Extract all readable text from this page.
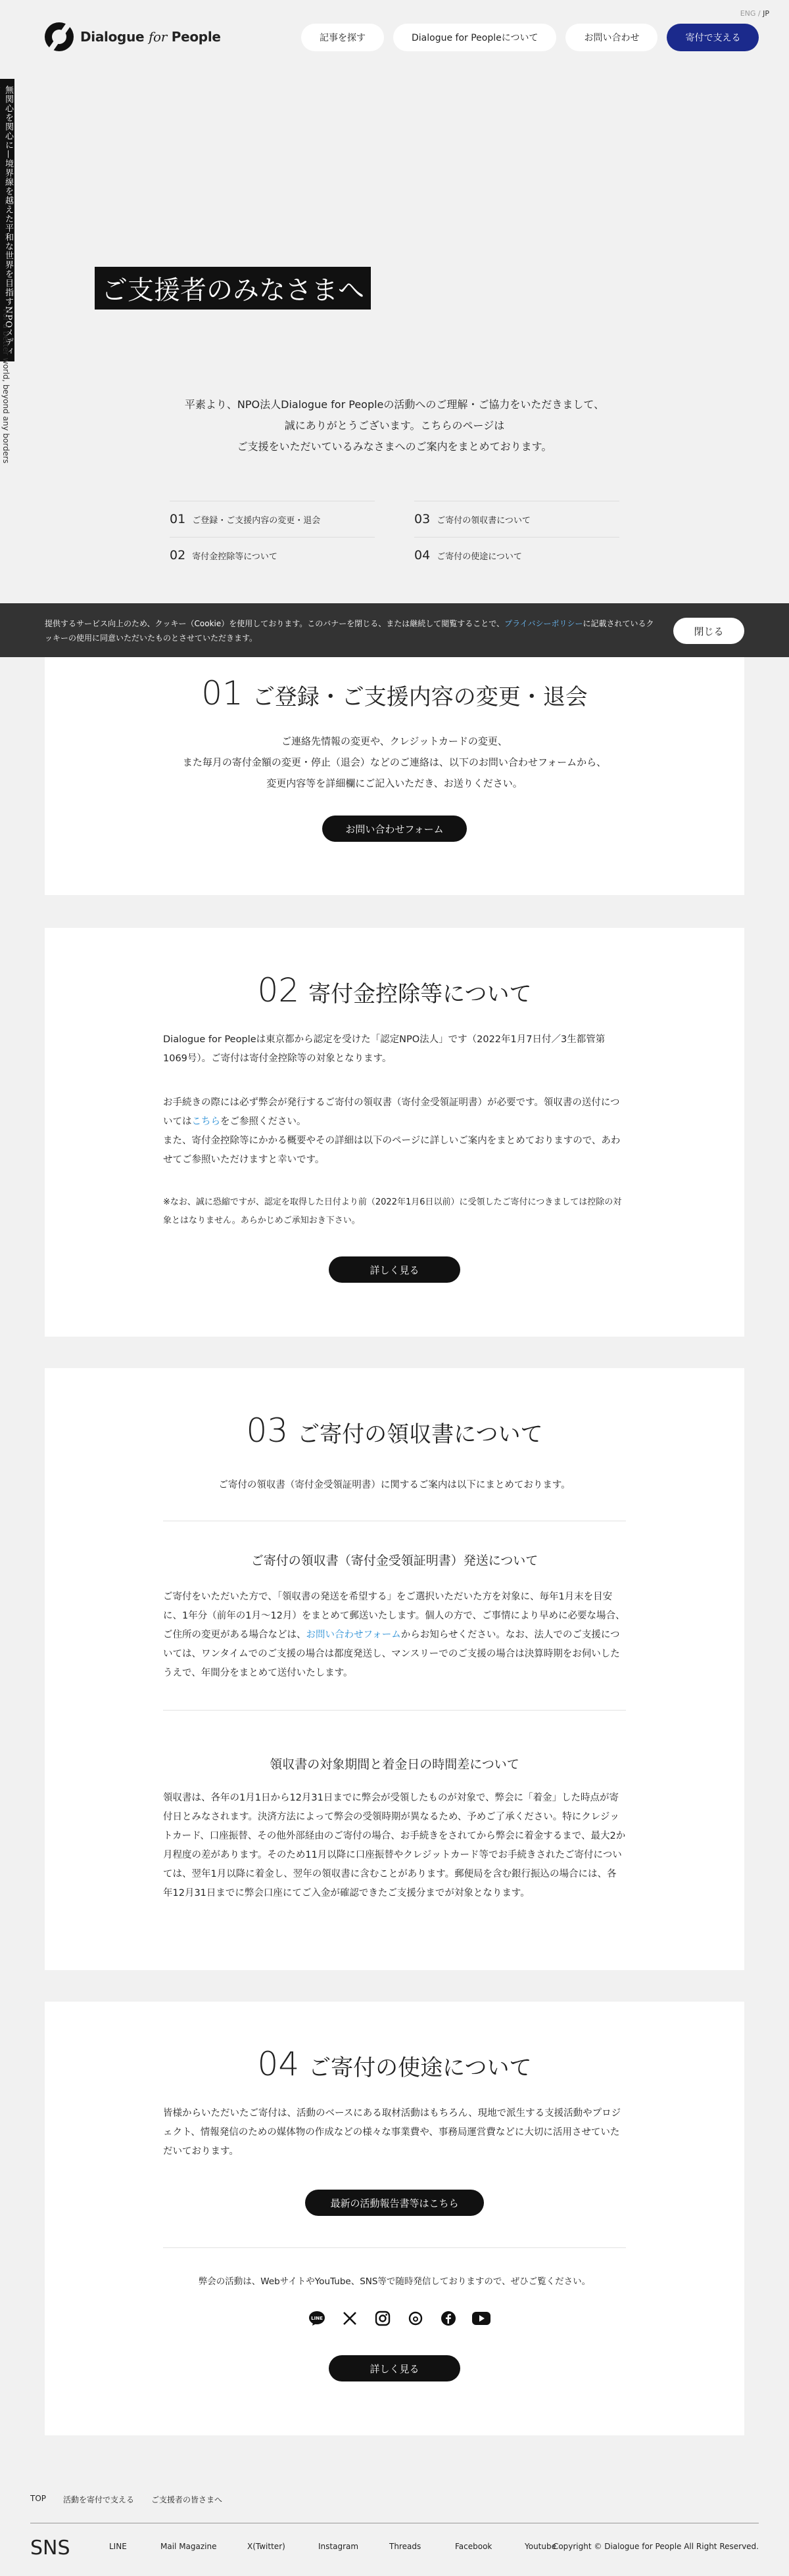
Dialogue for People	記事を探す	Dialogue for Peopleについて	お問い合わせ	寄付で支える
ENG / JP
無関心を関心に—境界線を越えた平和な世界を目指すNPOメディ
For a better world, beyond any borders
ご支援者のみなさまへ
平素より、NPO法人Dialogue for Peopleの活動へのご理解・ご協力をいただきまして、
誠にありがとうございます。こちらのページは
ご支援をいただいているみなさまへのご案内をまとめております。
01 ご登録・ご支援内容の変更・退会	03 ご寄付の領収書について
02 寄付金控除等について	04 ご寄付の使途について
01 ご登録・ご支援内容の変更・退会
ご連絡先情報の変更や、クレジットカードの変更、
また毎月の寄付金額の変更・停止（退会）などのご連絡は、以下のお問い合わせフォームから、
変更内容等を詳細欄にご記入いただき、お送りください。
お問い合わせフォーム
提供するサービス向上のため、クッキー（Cookie）を使用しております。このバナーを閉じる、または継続して閲覧することで、プライバシーポリシーに記載されているクッキーの使用に同意いただいたものとさせていただきます。
閉じる
02 寄付金控除等について
Dialogue for Peopleは東京都から認定を受けた「認定NPO法人」です（2022年1月7日付／3生都管第1069号）。ご寄付は寄付金控除等の対象となります。
お手続きの際には必ず弊会が発行するご寄付の領収書（寄付金受領証明書）が必要です。領収書の送付についてはこちらをご参照ください。
また、寄付金控除等にかかる概要やその詳細は以下のページに詳しいご案内をまとめておりますので、あわせてご参照いただけますと幸いです。
※なお、誠に恐縮ですが、認定を取得した日付より前（2022年1月6日以前）に受領したご寄付につきましては控除の対象とはなりません。あらかじめご承知おき下さい。
詳しく見る
03 ご寄付の領収書について
ご寄付の領収書（寄付金受領証明書）に関するご案内は以下にまとめております。
ご寄付の領収書（寄付金受領証明書）発送について
ご寄付をいただいた方で、「領収書の発送を希望する」をご選択いただいた方を対象に、毎年1月末を目安に、1年分（前年の1月～12月）をまとめて郵送いたします。個人の方で、ご事情により早めに必要な場合、ご住所の変更がある場合などは、お問い合わせフォームからお知らせください。なお、法人でのご支援については、ワンタイムでのご支援の場合は都度発送し、マンスリーでのご支援の場合は決算時期をお伺いしたうえで、年間分をまとめて送付いたします。
領収書の対象期間と着金日の時間差について
領収書は、各年の1月1日から12月31日までに弊会が受領したものが対象で、弊会に「着金」した時点が寄付日とみなされます。決済方法によって弊会の受領時期が異なるため、予めご了承ください。特にクレジットカード、口座振替、その他外部経由のご寄付の場合、お手続きをされてから弊会に着金するまで、最大2か月程度の差があります。そのため11月以降に口座振替やクレジットカード等でお手続きされたご寄付については、翌年1月以降に着金し、翌年の領収書に含むことがあります。郵便局を含む銀行振込の場合には、各年12月31日までに弊会口座にてご入金が確認できたご支援分までが対象となります。
04 ご寄付の使途について
皆様からいただいたご寄付は、活動のベースにある取材活動はもちろん、現地で派生する支援活動やプロジェクト、情報発信のための媒体物の作成などの様々な事業費や、事務局運営費などに大切に活用させていただいております。
最新の活動報告書等はこちら
弊会の活動は、WebサイトやYouTube、SNS等で随時発信しておりますので、ぜひご覧ください。
LINE
詳しく見る
TOP 活動を寄付で支える ご支援者の皆さまへ
SNS	LINE	Mail Magazine	X(Twitter)	Instagram	Threads	Facebook	Youtube
Copyright © Dialogue for People All Right Reserved.
